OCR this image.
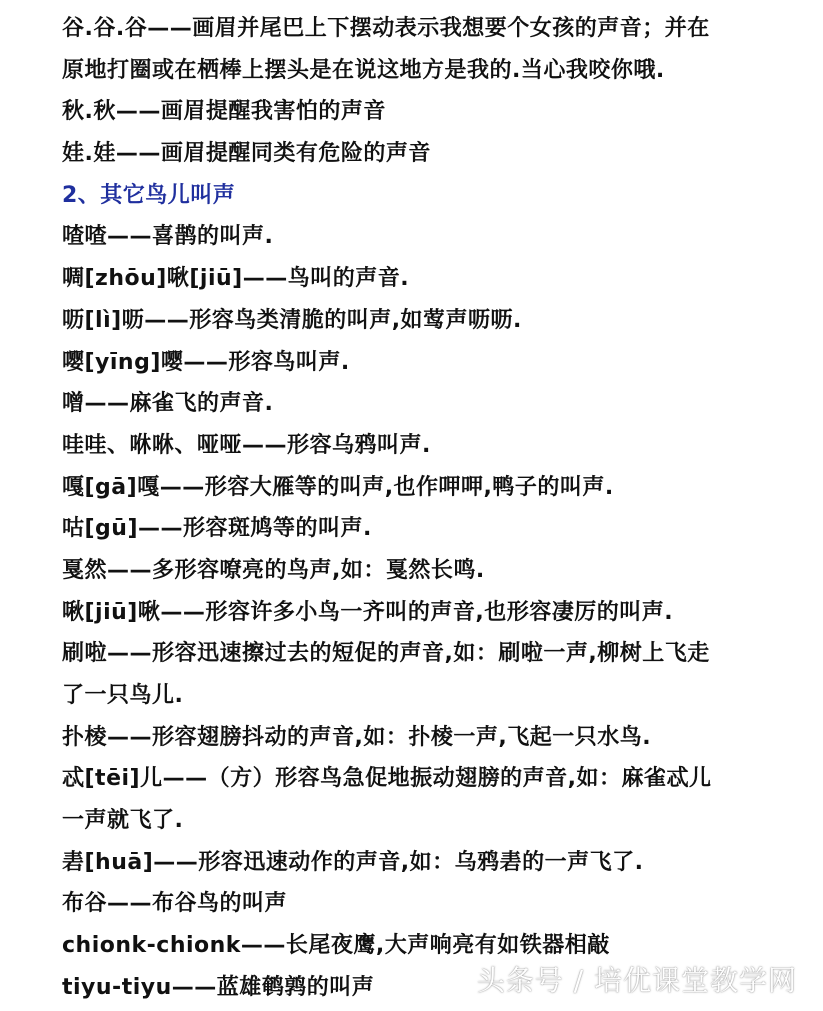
谷.谷.谷——画眉并尾巴上下摆动表示我想要个女孩的声音；并在
原地打圈或在栖棒上摆头是在说这地方是我的.当心我咬你哦.
秋.秋——画眉提醒我害怕的声音
娃.娃——画眉提醒同类有危险的声音
2、其它鸟儿叫声
喳喳——喜鹊的叫声.
啁[zhōu]啾[jiū]——鸟叫的声音.
呖[lì]呖——形容鸟类清脆的叫声,如莺声呖呖.
嘤[yīng]嘤——形容鸟叫声.
噌——麻雀飞的声音.
哇哇、咻咻、哑哑——形容乌鸦叫声.
嘎[gā]嘎——形容大雁等的叫声,也作呷呷,鸭子的叫声.
咕[gū]——形容斑鸠等的叫声.
戛然——多形容嘹亮的鸟声,如：戛然长鸣.
啾[jiū]啾——形容许多小鸟一齐叫的声音,也形容凄厉的叫声.
刷啦——形容迅速擦过去的短促的声音,如：刷啦一声,柳树上飞走
了一只鸟儿.
扑棱——形容翅膀抖动的声音,如：扑棱一声,飞起一只水鸟.
忒[tēi]儿——（方）形容鸟急促地振动翅膀的声音,如：麻雀忒儿
一声就飞了.
砉[huā]——形容迅速动作的声音,如：乌鸦砉的一声飞了.
布谷——布谷鸟的叫声
chionk-chionk——长尾夜鹰,大声响亮有如铁器相敲
tiyu-tiyu——蓝雄鹌鹑的叫声	头条号 / 培优课堂教学网
